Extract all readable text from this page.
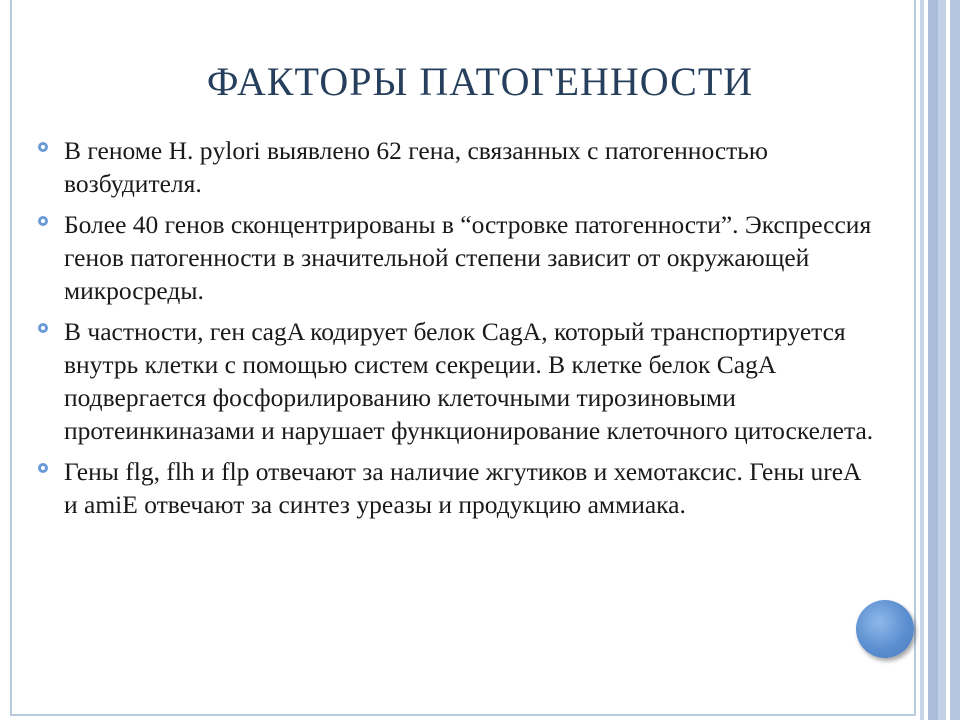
ФАКТОРЫ ПАТОГЕННОСТИ
В геноме H. pylori выявлено 62 гена, связанных с патогенностью возбудителя.
Более 40 генов сконцентрированы в “островке патогенности”. Экспрессия генов патогенности в значительной степени зависит от окружающей микросреды.
В частности, ген cagA кодирует белок CagA, который транспортируется внутрь клетки с помощью систем секреции. В клетке белок CagA подвергается фосфорилированию клеточными тирозиновыми протеинкиназами и нарушает функционирование клеточного цитоскелета.
Гены flg, flh и flp отвечают за наличие жгутиков и хемотаксис. Гены ureA и amiE отвечают за синтез уреазы и продукцию аммиака.
